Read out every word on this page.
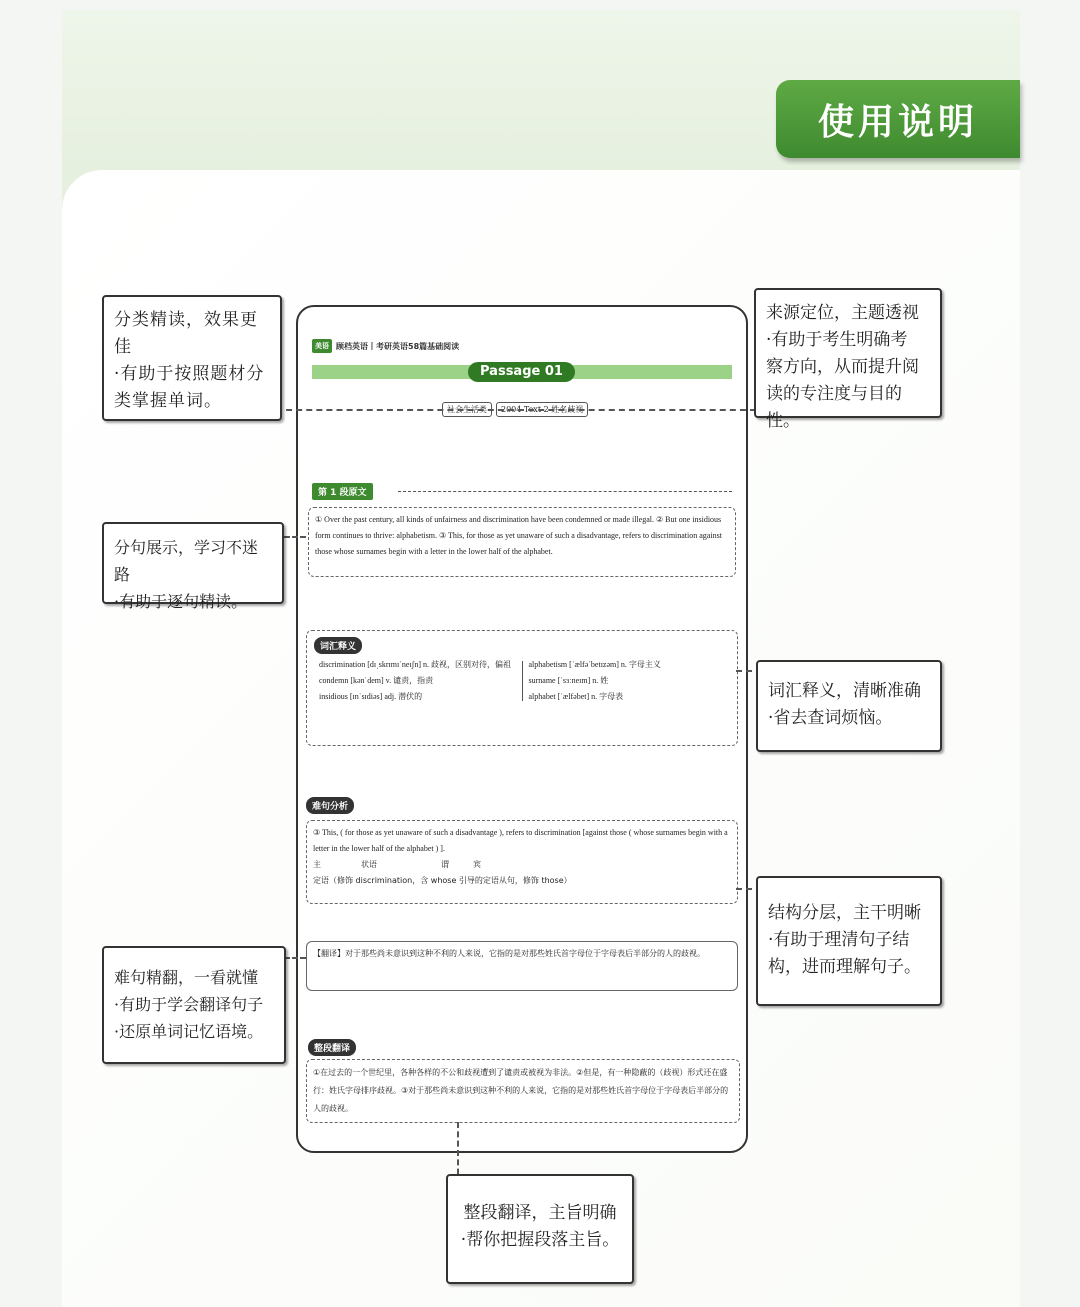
使用说明
美语 顾档英语丨考研英语58篇基础阅读
Passage 01
社会生活类	2004 Text 2 姓名歧视
第 1 段原文
① Over the past century, all kinds of unfairness and discrimination have been condemned or made illegal. ② But one insidious form continues to thrive: alphabetism. ③ This, for those as yet unaware of such a disadvantage, refers to discrimination against those whose surnames begin with a letter in the lower half of the alphabet.
词汇释义
discrimination [dɪˌskrɪmɪˈneɪʃn] n. 歧视，区别对待，偏祖
condemn [kənˈdem] v. 谴责，指责
insidious [ɪnˈsɪdiəs] adj. 潜伏的
alphabetism [ˈælfəˈbetɪzəm] n. 字母主义
surname [ˈsɜːneɪm] n. 姓
alphabet [ˈælfəbet] n. 字母表
难句分析
③ This, ( for those as yet unaware of such a disadvantage ), refers to discrimination [against those ( whose surnames begin with a letter in the lower half of the alphabet ) ].
主　　　　　状语　　　　　　　　谓　　　宾
定语（修饰 discrimination，含 whose 引导的定语从句，修饰 those）
【翻译】对于那些尚未意识到这种不利的人来说，它指的是对那些姓氏首字母位于字母表后半部分的人的歧视。
整段翻译
①在过去的一个世纪里，各种各样的不公和歧视遭到了谴责或被视为非法。②但是，有一种隐蔽的（歧视）形式还在盛行：姓氏字母排序歧视。③对于那些尚未意识到这种不利的人来说，它指的是对那些姓氏首字母位于字母表后半部分的人的歧视。
分类精读，效果更佳
·有助于按照题材分
类掌握单词。
来源定位，主题透视
·有助于考生明确考
察方向，从而提升阅
读的专注度与目的性。
分句展示，学习不迷路
·有助于逐句精读。
词汇释义，清晰准确
·省去查词烦恼。
结构分层，主干明晰
·有助于理清句子结
构，进而理解句子。
难句精翻，一看就懂
·有助于学会翻译句子
·还原单词记忆语境。
整段翻译，主旨明确
·帮你把握段落主旨。
